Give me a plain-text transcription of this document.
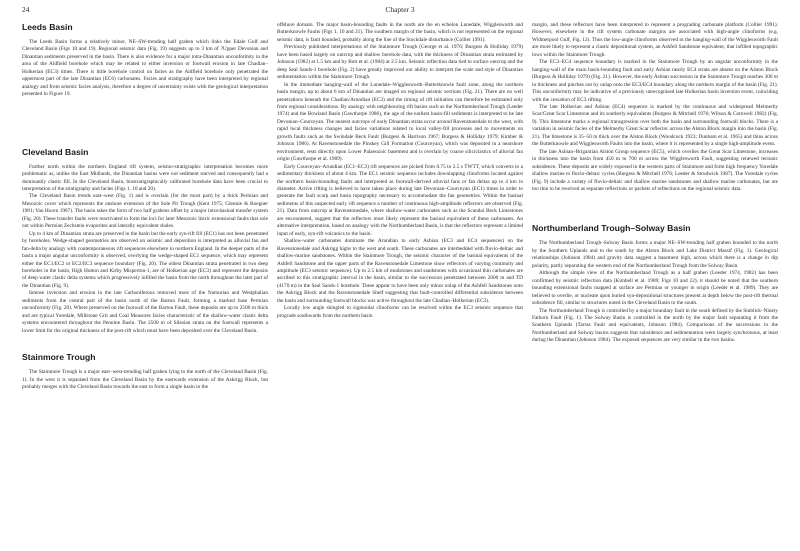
24	Chapter 3
Leeds Basin

The Leeds Basin forms a relatively minor, NE–SW-trending half graben which links the Edale Gulf and Cleveland Basin (Figs 10 and 19). Regional seismic data (Fig. 19) suggests up to 3 km of ?Upper Devonian and Dinantian sediments preserved in the basin. There is also evidence for a major intra-Dinantian unconformity in the area of the Aldfield borehole which may be related to either inversion or footwall erosion in late Chadian–Holkerian (EC3) times. There is little borehole control on facies as the Aldfield borehole only penetrated the uppermost part of the late Dinantian (EC6) carbonates. Facies and stratigraphy have been interpreted by regional analogy and from seismic facies analysis, therefore a degree of uncertainty exists with the geological interpretation presented in Figure 19.

Cleveland Basin

Further north within the northern England rift system, seismo-stratigraphic interpretation becomes more problematic as, unlike the East Midlands, the Dinantian basins were not sediment starved and consequently had a dominantly clastic fill. In the Cleveland Basin, biostratigraphically calibrated borehole data have been crucial to interpretation of the stratigraphy and facies (Figs 1, 10 and 20).

The Cleveland Basin trends east–west (Fig. 1) and is overlain (for the most part) by a thick Permian and Mesozoic cover which represents the onshore extension of the Sole Pit Trough (Kent 1975; Glennie & Boegner 1981; Van Hoorn 1987). The basin takes the form of two half grabens offset by a major intra-basinal transfer system (Fig. 20). These transfer faults were reactivated to form the loci for later Mesozoic listric extensional faults that sole out within Permian Zechstein evaporites and laterally equivalent shales.

Up to 4 km of Dinantian strata are preserved in the basin but the early syn-rift fill (EC1) has not been penetrated by boreholes. Wedge-shaped geometries are observed on seismic and deposition is interpreted as alluvial fan and fan-delta by analogy with contemporaneous rift sequences elsewhere in northern England. In the deeper parts of the basin a major angular unconformity is observed, overlying the wedge-shaped EC1 sequence, which may represent either the EC1/EC2 or EC2/EC3 sequence boundary (Fig. 20). The oldest Dinantian strata penetrated in two deep boreholes in the basin, High Hutton and Kirby Misperton-1, are of Holkerian age (EC3) and represent the deposits of deep water clastic delta systems which progressively infilled the basin from the north throughout the later part of the Dinantian (Fig. 9).

Intense inversion and erosion in the late Carboniferous removed most of the Namurian and Westphalian sediments from the central part of the basin north of the Barton Fault, forming a marked base Permian unconformity (Fig. 20). Where preserved on the footwall of the Barton Fault, these deposits are up to 2500 m thick and are typical Yoredale, Millstone Grit and Coal Measures facies characteristic of the shallow-water clastic delta systems encountered throughout the Pennine Basin. The 2500 m of Silesian strata on the footwall represents a lower limit for the original thickness of the post-rift which must have been deposited over the Cleveland Basin.

Stainmore Trough

The Stainmore Trough is a major east–west-trending half graben lying to the north of the Cleveland Basin (Fig. 1). In the west it is separated from the Cleveland Basin by the eastwards extension of the Askrigg Block, but probably merges with the Cleveland Basin towards the east to form a single basin in the

offshore domain. The major basin-bounding faults in the north are the en echelon Lunedale, Wigglesworth and Butterknowle Faults (Figs 1, 10 and 21). The southern margin of the basin, which is not represented on the regional seismic data, is fault bounded, probably along the line of the Stockdale disturbance (Collier 1991).

Previously published interpretations of the Stainmore Trough (George et al. 1976; Burgess & Holliday 1979) have been based largely on outcrop and shallow borehole data, with the thickness of Dinantian strata estimated by Johnson (1982) at 1.5 km and by Bott et al. (1984) at 2.5 km. Seismic reflection data tied to surface outcrop and the deep Seal Sands-1 borehole (Fig. 2) have greatly improved our ability to interpret the scale and style of Dinantian sedimentation within the Stainmore Trough.

In the immediate hanging-wall of the Lunedale–Wigglesworth–Butterknowle fault zone, along the northern basin margin, up to about 6 km of Dinantian are imaged on regional seismic sections (Fig. 21). There are no well penetrations beneath the Chadian/Arundian (EC3) and the timing of rift initiation can therefore be estimated only from regional considerations. By analogy with neighbouring rift basins such as the Northumberland Trough (Leeder 1974) and the Bowland Basin (Gawthorpe 1986), the age of the earliest basin-fill sediments is interpreted to be late Devonian–Courceyan. The nearest outcrops of early Dinantian strata occur around Ravenstonedale to the west, with rapid local thickness changes and facies variations related to local valley-fill processes and to movements on growth faults such as the Swindale Beck Fault (Burgess & Harrison 1967; Burgess & Holliday 1979; Kimber & Johnson 1986). At Ravenstonedale the Pinskey Gill Formation (Courceyan), which was deposited in a nearshore environment, rests directly upon Lower Palaeozoic basement and is overlain by coarse siliciclastics of alluvial fan origin (Gawthorpe et al. 1989).

Early Courceyan–Arundian (EC1–EC3) rift sequences are picked from 0.75 to 2.5 s TWTT, which converts to a sedimentary thickness of about 4 km. The EC1 seismic sequence includes downlapping clinoforms located against the northern basin-bounding faults and interpreted as footwall-derived alluvial fans or fan deltas up to 4 km in diameter. Active rifting is believed to have taken place during late Devonian–Courceyan (EC1) times in order to generate the fault scarp and basin topography necessary to accommodate the fan geometries. Within the basinal sediments of this suspected early rift sequence a number of continuous high-amplitude reflectors are observed (Fig. 21). Data from outcrop at Ravenstonedale, where shallow-water carbonates such as the Scandal Beck Limestones are encountered, suggest that the reflectors most likely represent the basinal equivalent of these carbonates. An alternative interpretation, based on analogy with the Northumberland Basin, is that the reflectors represent a limited input of early, syn-rift volcanics to the basin.

Shallow-water carbonates dominate the Arundian to early Asbian (EC3 and EC4 sequences) on the Ravenstonedale and Askrigg highs to the west and south. These carbonates are interbedded with fluvio-deltaic and shallow-marine sandstones. Within the Stainmore Trough, the seismic character of the basinal equivalents of the Ashfell Sandstone and the upper parts of the Ravenstonedale Limestone show reflectors of varying continuity and amplitude (EC3 seismic sequence). Up to 2.5 km of mudstones and sandstones with occasional thin carbonates are ascribed to this stratigraphic interval in the basin, similar to the succession penetrated between 2000 m and TD (4170 m) in the Seal Sands-1 borehole. These appear to have been only minor onlap of the Ashfell Sandstones onto the Askrigg Block and the Ravenstonedale Shelf suggesting that fault-controlled differential subsidence between the basin and surrounding footwall blocks was active throughout the late Chadian–Holkerian (EC3).

Locally low angle shingled to sigmoidal clinoforms can be resolved within the EC3 seismic sequence that prograde southwards from the northern basin

margin, and these reflectors have been interpreted to represent a prograding carbonate platform (Collier 1991). However, elsewhere in the rift system carbonate margins are associated with high-angle clinoforms (e.g. Widmerpool Gulf, Fig. 12). Thus the low-angle clinoforms observed in the hanging-wall of the Wigglesworth Fault are more likely to represent a clastic depositional system, an Ashfell Sandstone equivalent, that infilled topographic lows within the Stainmore Trough.

The EC3–EC4 sequence boundary is marked in the Stainmore Trough by an angular unconformity in the hanging-wall of the main basin-bounding fault and early Asbian nearly EC4 strata are absent on the Alston Block (Burgess & Holliday 1979) (Fig. 21). However, the early Asbian succession in the Stainmore Trough reaches 300 m in thickness and pinches out by onlap onto the EC3/EC4 boundary along the northern margin of the basin (Fig. 21). This unconformity may be indicative of a previously unrecognised late Holkerian basin inversion event, coinciding with the cessation of EC3 rifting.

The late Holkerian and Asbian (EC4) sequence is marked by the continuous and widespread Melmerby Scar/Great Scar Limestone and its southerly equivalents (Burgess & Mitchell 1976; Wilson & Cornwell 1982) (Fig. 9). This limestone marks a regional transgression over both the basin and surrounding footwall blocks. There is a variation in seismic facies of the Melmerby Great Scar reflector across the Alston Block margin into the basin (Fig. 21). The limestone is 35–50 m thick over the Alston Block (Woodcock 1923; Dunham et al. 1965) and thins across the Butterknowle and Wigglesworth Faults into the basin, where it is represented by a single high-amplitude event.

The late Asbian–Brigantian Alston Group sequence (EC5), which overlies the Great Scar Limestone, increases in thickness into the basin from 450 m to 700 m across the Wigglesworth Fault, suggesting renewed tectonic subsidence. These deposits are widely exposed in the western parts of Stainmore and form high frequency Yoredale shallow marine to fluvio-deltaic cycles (Burgess & Mitchell 1976; Leeder & Strudwick 1987). The Yoredale cycles (Fig. 9) include a variety of fluvio-deltaic and shallow marine sandstones and shallow marine carbonates, but are too thin to be resolved as separate reflections or packets of reflections on the regional seismic data.

Northumberland Trough–Solway Basin

The Northumberland Trough–Solway Basin forms a major NE–SW-trending half graben bounded to the north by the Southern Uplands and to the south by the Alston Block and Lake District Massif (Fig. 1). Geological relationships (Johnson 1984) and gravity data suggest a basement high, across which there is a change in dip polarity, partly separating the western end of the Northumberland Trough from the Solway Basin.

Although the simple view of the Northumberland Trough as a half graben (Leeder 1974, 1982) has been confirmed by seismic reflection data (Kimbell et al. 1989; Figs 10 and 22), it should be noted that the southern bounding extensional faults mapped at surface are Permian or younger in origin (Leeder et al. 1989). They are believed to overlie, or nucleate upon buried syn-depositional structures present at depth below the post-rift thermal subsidence fill, similar to structures noted in the Cleveland Basin to the south.

The Northumberland Trough is controlled by a major boundary fault in the south defined by the Stublick–Ninety Fathom Fault (Fig. 1). The Solway Basin is controlled in the north by the major fault separating it from the Southern Uplands (Tarras Fault and equivalents, Johnson 1984). Comparisons of the successions in the Northumberland and Solway basins suggests that subsidence and sedimentation were largely synchronous, at least during the Dinantian (Johnson 1984). The exposed sequences are very similar in the two basins.
